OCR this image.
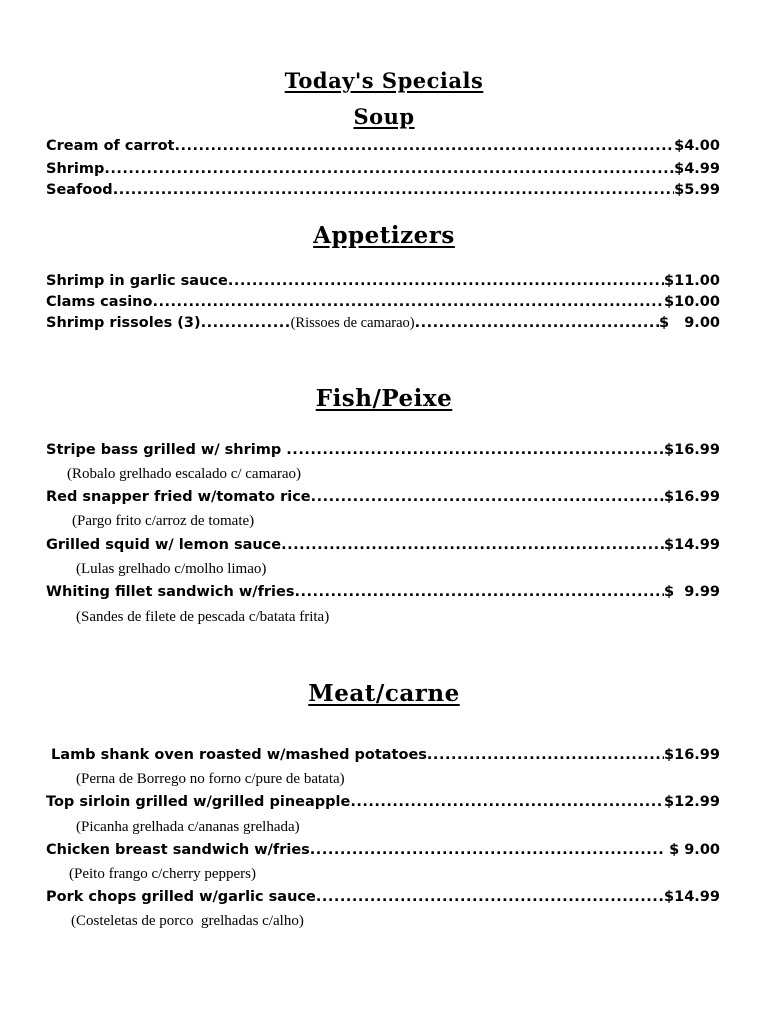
Today's Specials
Soup
Cream of carrot .....	$4.00
Shrimp .....	$4.99
Seafood .....	$5.99
Appetizers
Shrimp in garlic sauce .....	$11.00
Clams casino .....	$10.00
Shrimp rissoles (3) .....	(Rissoes de camarao) .....	$   9.00
Fish/Peixe
Stripe bass grilled w/ shrimp .....	$16.99
(Robalo grelhado escalado c/ camarao)
Red snapper fried w/tomato rice .....	$16.99
(Pargo frito c/arroz de tomate)
Grilled squid w/ lemon sauce .....	$14.99
(Lulas grelhado c/molho limao)
Whiting fillet sandwich w/fries .....	$  9.99
(Sandes de filete de pescada c/batata frita)
Meat/carne
Lamb shank oven roasted w/mashed potatoes .....	$16.99
(Perna de Borrego no forno c/pure de batata)
Top sirloin grilled w/grilled pineapple .....	$12.99
(Picanha grelhada c/ananas grelhada)
Chicken breast sandwich w/fries .....	$ 9.00
(Peito frango c/cherry peppers)
Pork chops grilled w/garlic sauce .....	$14.99
(Costeletas de porco  grelhadas c/alho)
